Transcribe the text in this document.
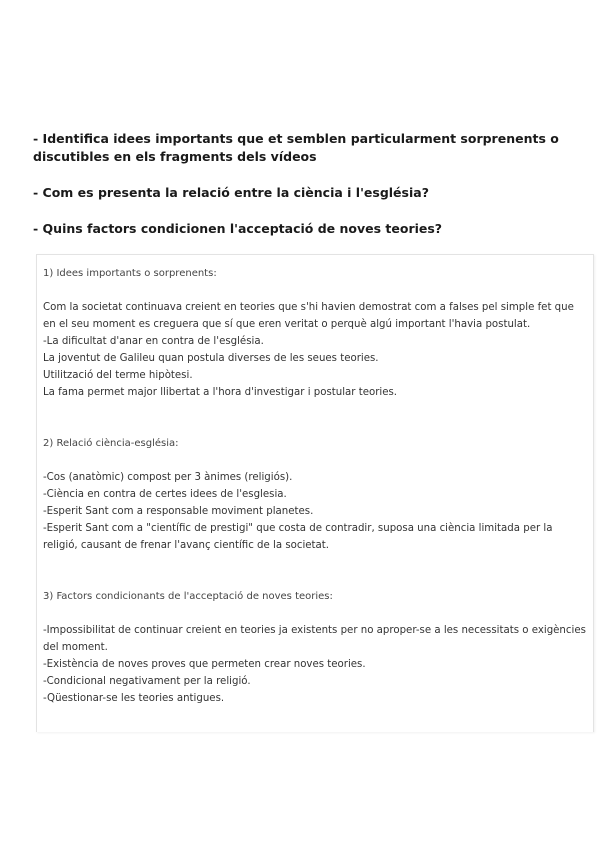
- Identifica idees importants que et semblen particularment sorprenents o discutibles en els fragments dels vídeos

- Com es presenta la relació entre la ciència i l'església?

- Quins factors condicionen l'acceptació de noves teories?

1) Idees importants o sorprenents:

Com la societat continuava creient en teories que s'hi havien demostrat com a falses pel simple fet que en el seu moment es creguera que sí que eren veritat o perquè algú important l'havia postulat.

-La dificultat d'anar en contra de l'església.

La joventut de Galileu quan postula diverses de les seues teories.

Utilització del terme hipòtesi.

La fama permet major llibertat a l'hora d'investigar i postular teories.

2) Relació ciència-església:

-Cos (anatòmic) compost per 3 ànimes (religiós).

-Ciència en contra de certes idees de l'esglesia.

-Esperit Sant com a responsable moviment planetes.

-Esperit Sant com a "científic de prestigi" que costa de contradir, suposa una ciència limitada per la religió, causant de frenar l'avanç científic de la societat.

3) Factors condicionants de l'acceptació de noves teories:

-Impossibilitat de continuar creient en teories ja existents per no aproper-se a les necessitats o exigències del moment.

-Existència de noves proves que permeten crear noves teories.

-Condicional negativament per la religió.

-Qüestionar-se les teories antigues.
